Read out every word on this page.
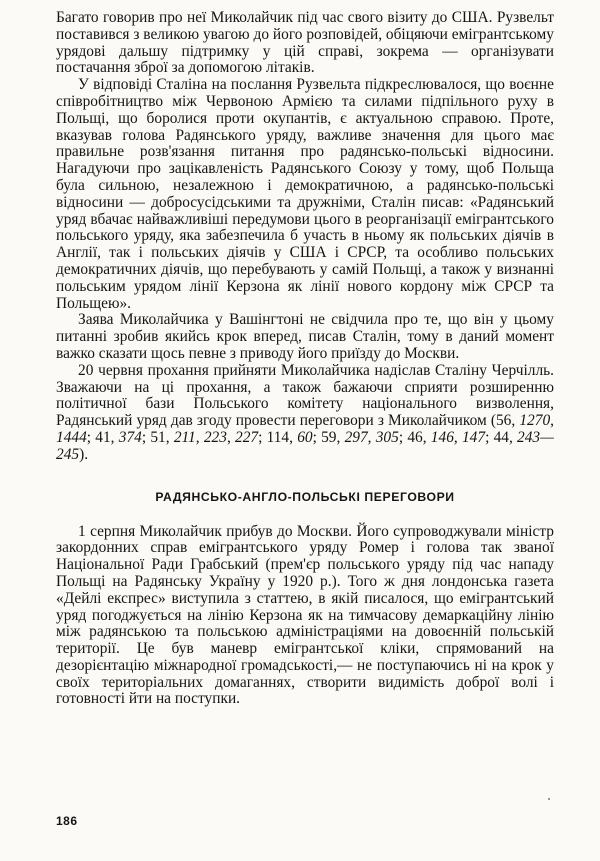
Багато говорив про неї Миколайчик під час свого візиту до США. Рузвельт поставився з великою увагою до його розповідей, обіцяючи емігрантському урядові дальшу підтримку у цій справі, зокрема — організувати постачання зброї за допомогою літаків.

У відповіді Сталіна на послання Рузвельта підкреслювалося, що воєнне співробітництво між Червоною Армією та силами підпільного руху в Польщі, що боролися проти окупантів, є актуальною справою. Проте, вказував голова Радянського уряду, важливе значення для цього має правильне розв'язання питання про радянсько-польські відносини. Нагадуючи про зацікавленість Радянського Союзу у тому, щоб Польща була сильною, незалежною і демократичною, а радянсько-польські відносини — добросусідськими та дружніми, Сталін писав: «Радянський уряд вбачає найважливіші передумови цього в реорганізації емігрантського польського уряду, яка забезпечила б участь в ньому як польських діячів в Англії, так і польських діячів у США і СРСР, та особливо польських демократичних діячів, що перебувають у самій Польщі, а також у визнанні польським урядом лінії Керзона як лінії нового кордону між СРСР та Польщею».

Заява Миколайчика у Вашінгтоні не свідчила про те, що він у цьому питанні зробив якийсь крок вперед, писав Сталін, тому в даний момент важко сказати щось певне з приводу його приїзду до Москви.

20 червня прохання прийняти Миколайчика надіслав Сталіну Черчілль. Зважаючи на ці прохання, а також бажаючи сприяти розширенню політичної бази Польського комітету національного визволення, Радянський уряд дав згоду провести переговори з Миколайчиком (56, 1270, 1444; 41, 374; 51, 211, 223, 227; 114, 60; 59, 297, 305; 46, 146, 147; 44, 243—245).

РАДЯНСЬКО-АНГЛО-ПОЛЬСЬКІ ПЕРЕГОВОРИ

1 серпня Миколайчик прибув до Москви. Його супроводжували міністр закордонних справ емігрантського уряду Ромер і голова так званої Національної Ради Грабський (прем'єр польського уряду під час нападу Польщі на Радянську Україну у 1920 р.). Того ж дня лондонська газета «Дейлі експрес» виступила з статтею, в якій писалося, що емігрантський уряд погоджується на лінію Керзона як на тимчасову демаркаційну лінію між радянською та польською адміністраціями на довоєнній польській території. Це був маневр емігрантської кліки, спрямований на дезорієнтацію міжнародної громадськості,— не поступаючись ні на крок у своїх територіальних домаганнях, створити видимість доброї волі і готовності йти на поступки.

186
